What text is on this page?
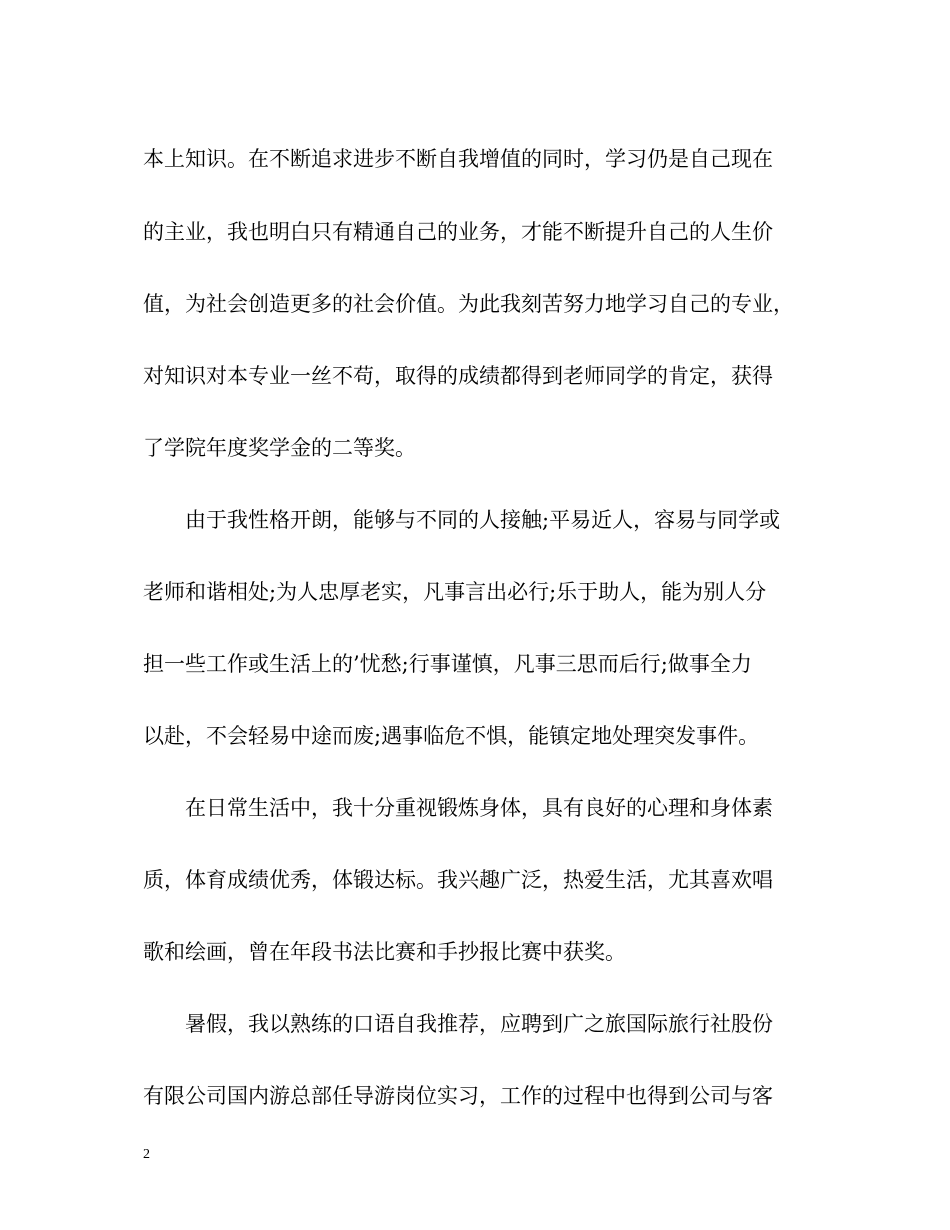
本上知识。在不断追求进步不断自我增值的同时，学习仍是自己现在
的主业，我也明白只有精通自己的业务，才能不断提升自己的人生价
值，为社会创造更多的社会价值。为此我刻苦努力地学习自己的专业，
对知识对本专业一丝不苟，取得的成绩都得到老师同学的肯定，获得
了学院年度奖学金的二等奖。
由于我性格开朗，能够与不同的人接触;平易近人，容易与同学或
老师和谐相处;为人忠厚老实，凡事言出必行;乐于助人，能为别人分
担一些工作或生活上的’忧愁;行事谨慎，凡事三思而后行;做事全力
以赴，不会轻易中途而废;遇事临危不惧，能镇定地处理突发事件。
在日常生活中，我十分重视锻炼身体，具有良好的心理和身体素
质，体育成绩优秀，体锻达标。我兴趣广泛，热爱生活，尤其喜欢唱
歌和绘画，曾在年段书法比赛和手抄报比赛中获奖。
暑假，我以熟练的口语自我推荐，应聘到广之旅国际旅行社股份
有限公司国内游总部任导游岗位实习，工作的过程中也得到公司与客
2
